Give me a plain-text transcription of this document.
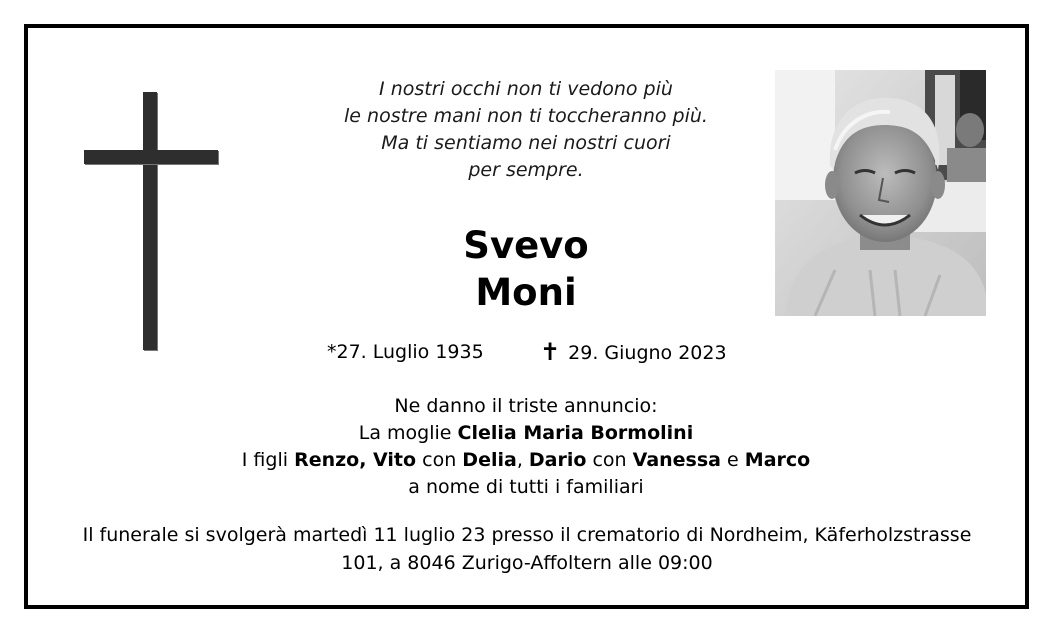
I nostri occhi non ti vedono più
le nostre mani non ti toccheranno più.
Ma ti sentiamo nei nostri cuori
per sempre.
Svevo
Moni
*27. Luglio 1935 ✝ 29. Giugno 2023
Ne danno il triste annuncio:
La moglie Clelia Maria Bormolini
I figli Renzo, Vito con Delia, Dario con Vanessa e Marco
a nome di tutti i familiari
Il funerale si svolgerà martedì 11 luglio 23 presso il crematorio di Nordheim, Käferholzstrasse
101, a 8046 Zurigo-Affoltern alle 09:00
